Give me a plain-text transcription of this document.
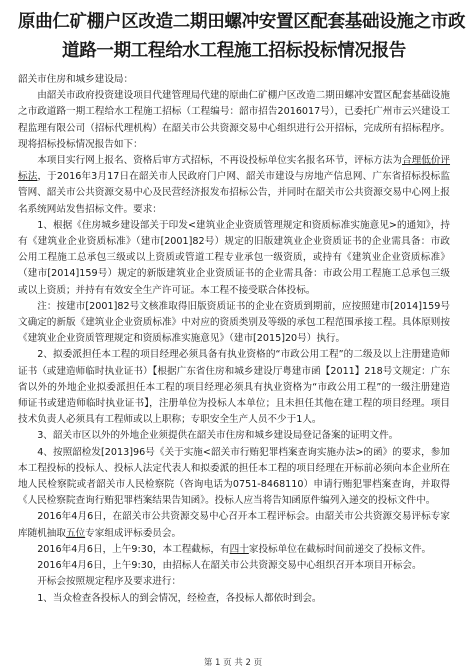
原曲仁矿棚户区改造二期田螺冲安置区配套基础设施之市政
道路一期工程给水工程施工招标投标情况报告

韶关市住房和城乡建设局：

由韶关市政府投资建设项目代建管理局代建的原曲仁矿棚户区改造二期田螺冲安置区配套基础设施之市政道路一期工程给水工程施工招标（工程编号：韶市招告2016017号），已委托广州市云兴建设工程监理有限公司（招标代理机构）在韶关市公共资源交易中心组织进行公开招标，完成所有招标程序。现将招标投标情况报告如下：

本项目实行网上报名、资格后审方式招标，不再设投标单位实名报名环节，评标方法为合理低价评标法，于2016年3月17日在韶关市人民政府门户网、韶关市建设与房地产信息网、广东省招标投标监管网、韶关市公共资源交易中心及民营经济报发布招标公告，并同时在韶关市公共资源交易中心网上报名系统网站发售招标文件。要求：

1、根据《住房城乡建设部关于印发<建筑业企业资质管理规定和资质标准实施意见>的通知》，持有《建筑业企业资质标准》（建市[2001]82号）规定的旧版建筑业企业资质证书的企业需具备：市政公用工程施工总承包三级或以上资质或管道工程专业承包一级资质，或持有《建筑业企业资质标准》（建市[2014]159号）规定的新版建筑业企业资质证书的企业需具备：市政公用工程施工总承包三级或以上资质；并持有有效安全生产许可证。本工程不接受联合体投标。

注：按建市[2001]82号文核准取得旧版资质证书的企业在资质到期前，应按照建市[2014]159号文确定的新版《建筑业企业资质标准》中对应的资质类别及等级的承包工程范围承接工程。具体原则按《建筑业企业资质管理规定和资质标准实施意见》（建市[2015]20号）执行。

2、拟委派担任本工程的项目经理必须具备有执业资格的“市政公用工程”的二级及以上注册建造师证书（或建造师临时执业证书）【根据广东省住房和城乡建设厅粤建市函【2011】218号文规定：广东省以外的外地企业拟委派担任本工程的项目经理必须具有执业资格为“市政公用工程”的一级注册建造师证书或建造师临时执业证书】，注册单位为投标人本单位；且未担任其他在建工程的项目经理。项目技术负责人必须具有工程师或以上职称；专职安全生产人员不少于1人。

3、韶关市区以外的外地企业须提供在韶关市住房和城乡建设局登记备案的证明文件。

4、按照韶检发[2013]96号《关于实施<韶关市行贿犯罪档案查询实施办法>的函》的要求，参加本工程投标的投标人、投标人法定代表人和拟委派的担任本工程的项目经理在开标前必须向本企业所在地人民检察院或者韶关市人民检察院（咨询电话为0751-8468110）申请行贿犯罪档案查询，并取得《人民检察院查询行贿犯罪档案结果告知函》。投标人应当将告知函原件编列入递交的投标文件中。

2016年4月6日，在韶关市公共资源交易中心召开本工程评标会。由韶关市公共资源交易评标专家库随机抽取五位专家组成评标委员会。

2016年4月6日，上午9:30，本工程截标，有四十家投标单位在截标时间前递交了投标文件。

2016年4月6日，上午9:30，由招标人在韶关市公共资源交易中心组织召开本项目开标会。

开标会按照规定程序及要求进行：

1、当众检查各投标人的到会情况，经检查，各投标人都依时到会。

第 1 页 共 2 页
